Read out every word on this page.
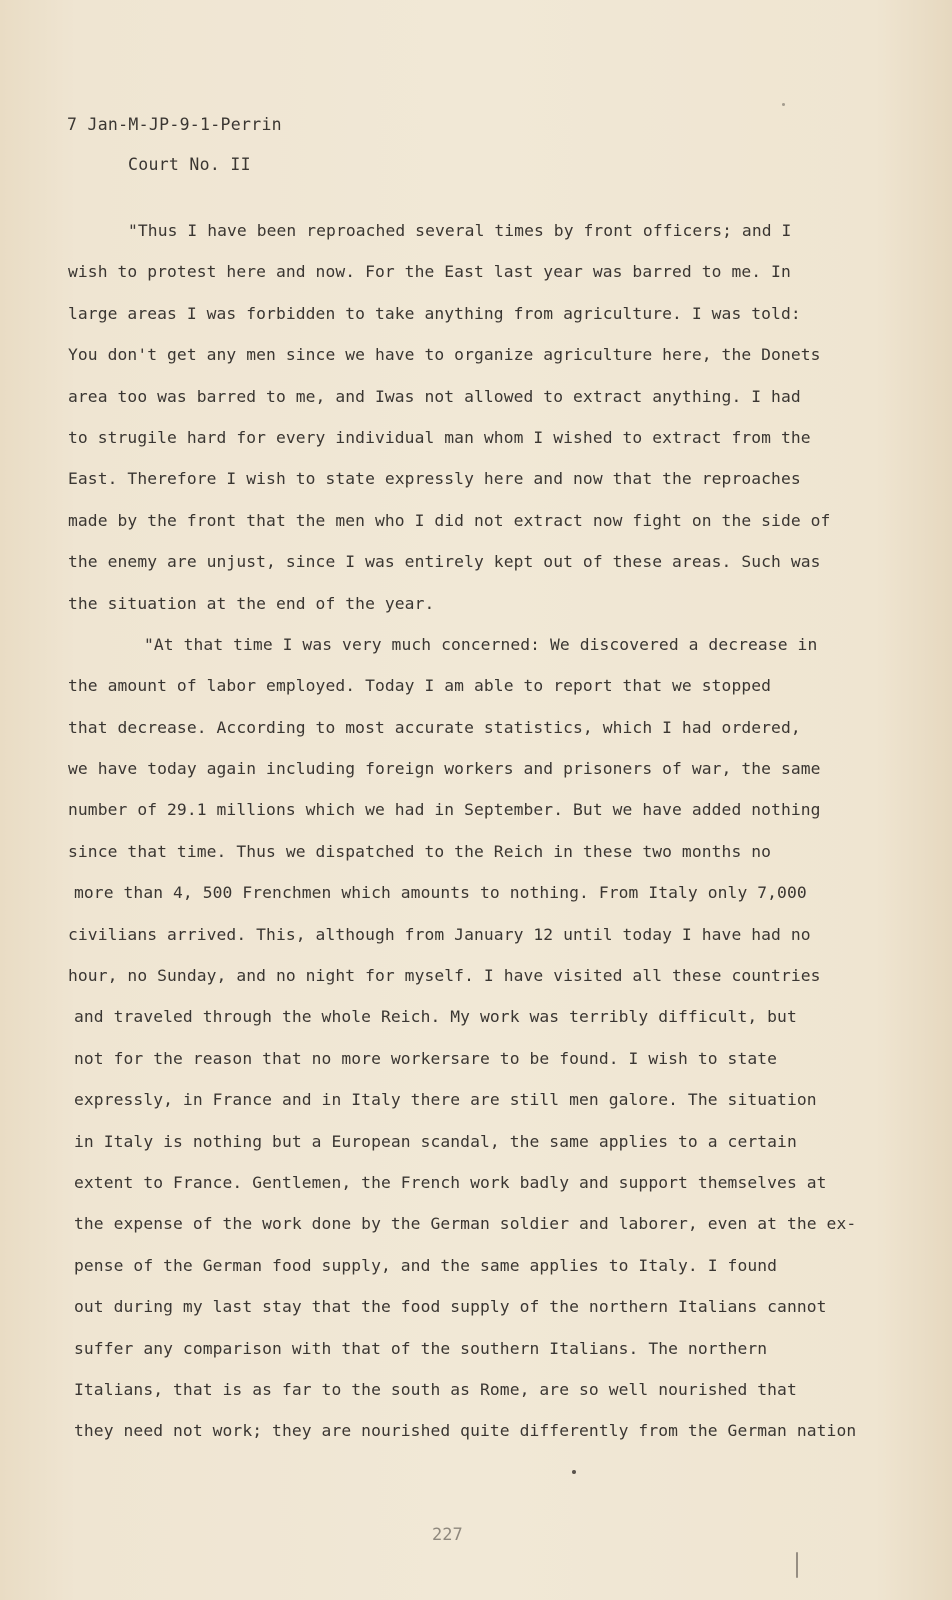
7 Jan-M-JP-9-1-Perrin
Court No. II
"Thus I have been reproached several times by front officers; and I
wish to protest here and now. For the East last year was barred to me. In
large areas I was forbidden to take anything from agriculture. I was told:
You don't get any men since we have to organize agriculture here, the Donets
area too was barred to me, and Iwas not allowed to extract anything. I had
to strugile hard for every individual man whom I wished to extract from the
East. Therefore I wish to state expressly here and now that the reproaches
made by the front that the men who I did not extract now fight on the side of
the enemy are unjust, since I was entirely kept out of these areas. Such was
the situation at the end of the year.
"At that time I was very much concerned: We discovered a decrease in
the amount of labor employed. Today I am able to report that we stopped
that decrease. According to most accurate statistics, which I had ordered,
we have today again including foreign workers and prisoners of war, the same
number of 29.1 millions which we had in September. But we have added nothing
since that time. Thus we dispatched to the Reich in these two months no
more than 4, 500 Frenchmen which amounts to nothing. From Italy only 7,000
civilians arrived. This, although from January 12 until today I have had no
hour, no Sunday, and no night for myself. I have visited all these countries
and traveled through the whole Reich. My work was terribly difficult, but
not for the reason that no more workersare to be found. I wish to state
expressly, in France and in Italy there are still men galore. The situation
in Italy is nothing but a European scandal, the same applies to a certain
extent to France. Gentlemen, the French work badly and support themselves at
the expense of the work done by the German soldier and laborer, even at the ex-
pense of the German food supply, and the same applies to Italy. I found
out during my last stay that the food supply of the northern Italians cannot
suffer any comparison with that of the southern Italians. The northern
Italians, that is as far to the south as Rome, are so well nourished that
they need not work; they are nourished quite differently from the German nation
227
